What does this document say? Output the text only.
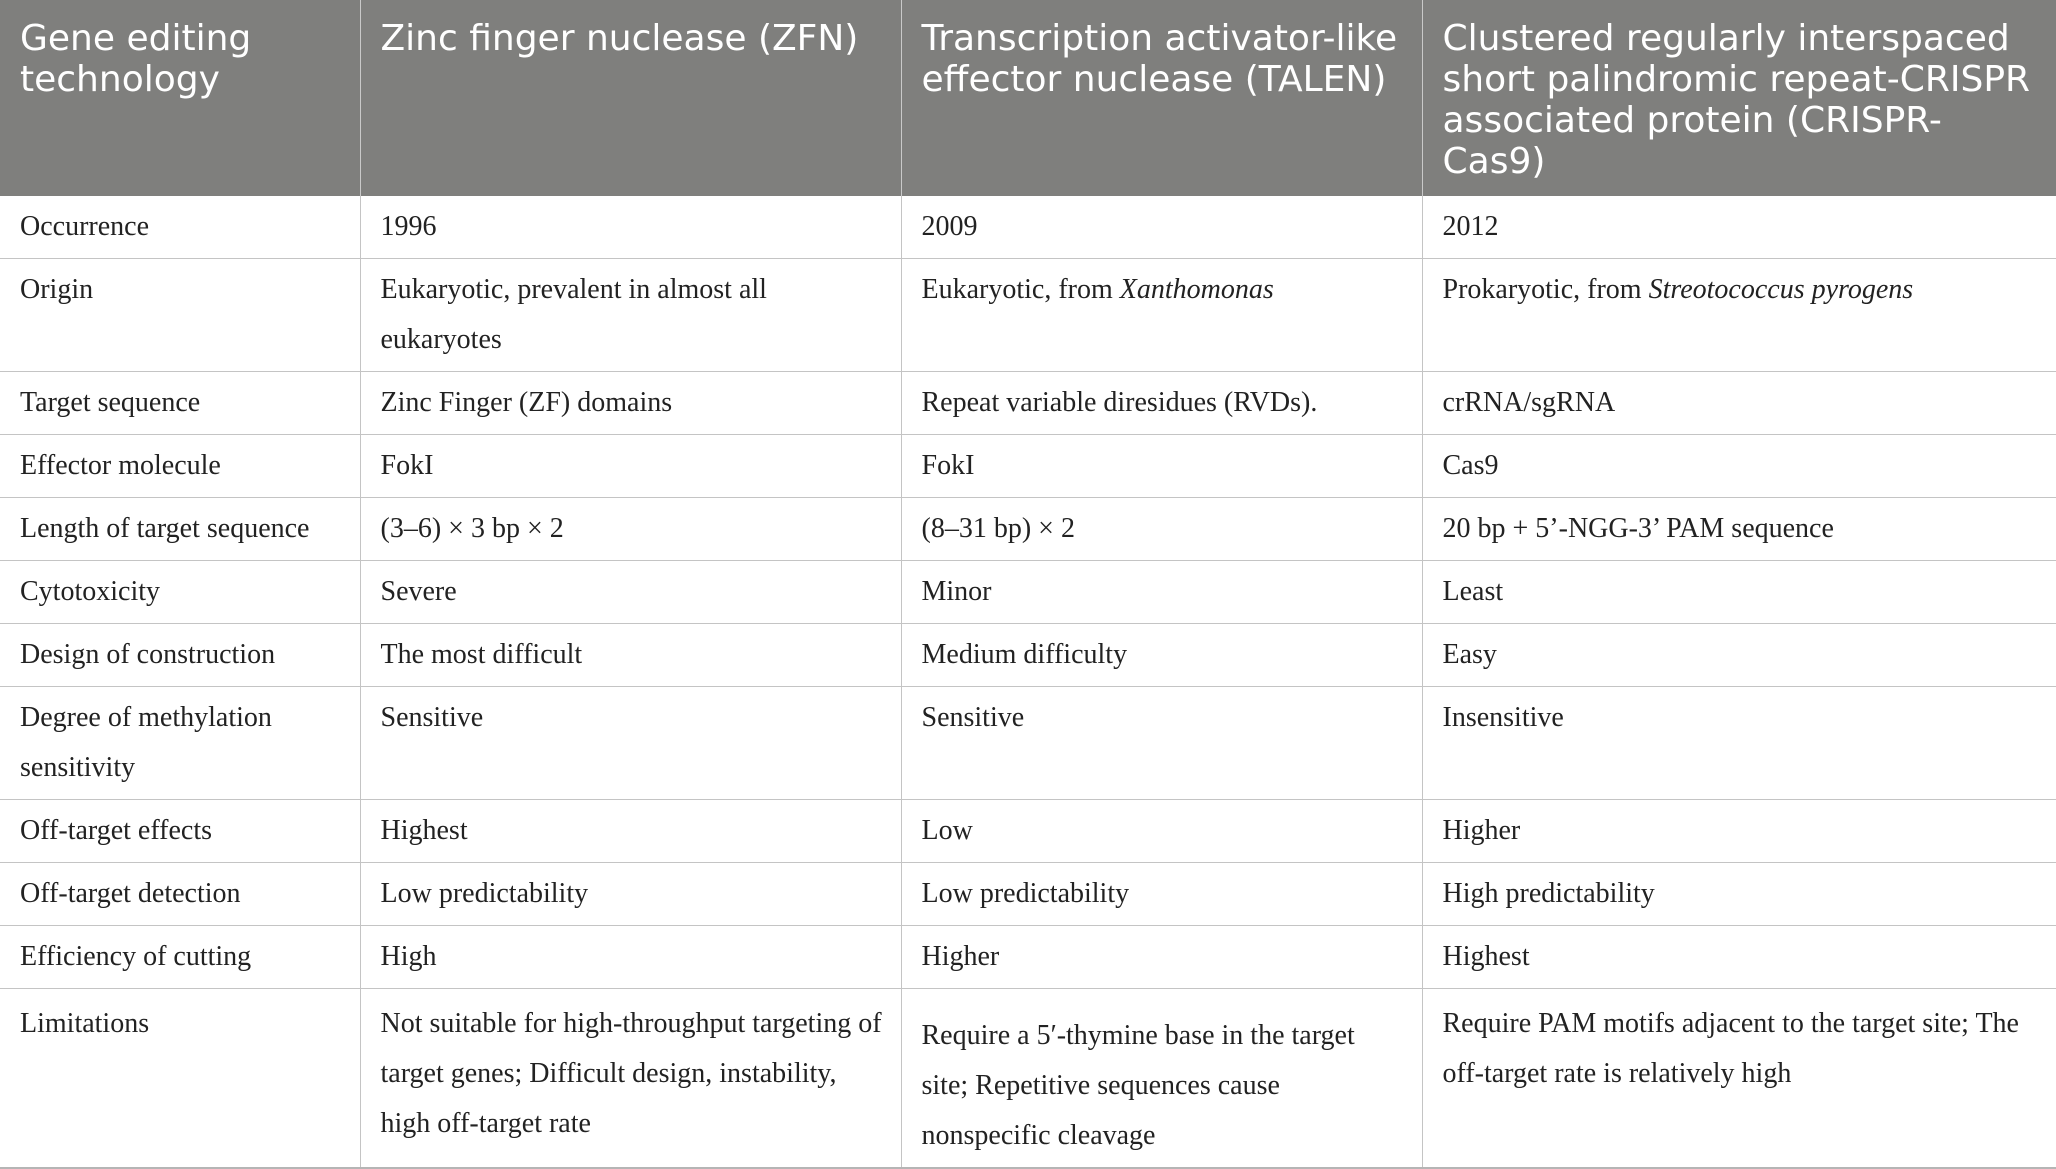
Gene editing technology	Zinc finger nuclease (ZFN)	Transcription activator-like effector nuclease (TALEN)	Clustered regularly interspaced short palindromic repeat-CRISPR associated protein (CRISPR-Cas9)
Occurrence	1996	2009	2012
Origin	Eukaryotic, prevalent in almost all eukaryotes	Eukaryotic, from Xanthomonas	Prokaryotic, from Streotococcus pyrogens
Target sequence	Zinc Finger (ZF) domains	Repeat variable diresidues (RVDs).	crRNA/sgRNA
Effector molecule	FokI	FokI	Cas9
Length of target sequence	(3–6) × 3 bp × 2	(8–31 bp) × 2	20 bp + 5’-NGG-3’ PAM sequence
Cytotoxicity	Severe	Minor	Least
Design of construction	The most difficult	Medium difficulty	Easy
Degree of methylation sensitivity	Sensitive	Sensitive	Insensitive
Off-target effects	Highest	Low	Higher
Off-target detection	Low predictability	Low predictability	High predictability
Efficiency of cutting	High	Higher	Highest
Limitations	Not suitable for high-throughput targeting of target genes; Difficult design, instability, high off-target rate	Require a 5′-thymine base in the target site; Repetitive sequences cause nonspecific cleavage	Require PAM motifs adjacent to the target site; The off-target rate is relatively high
